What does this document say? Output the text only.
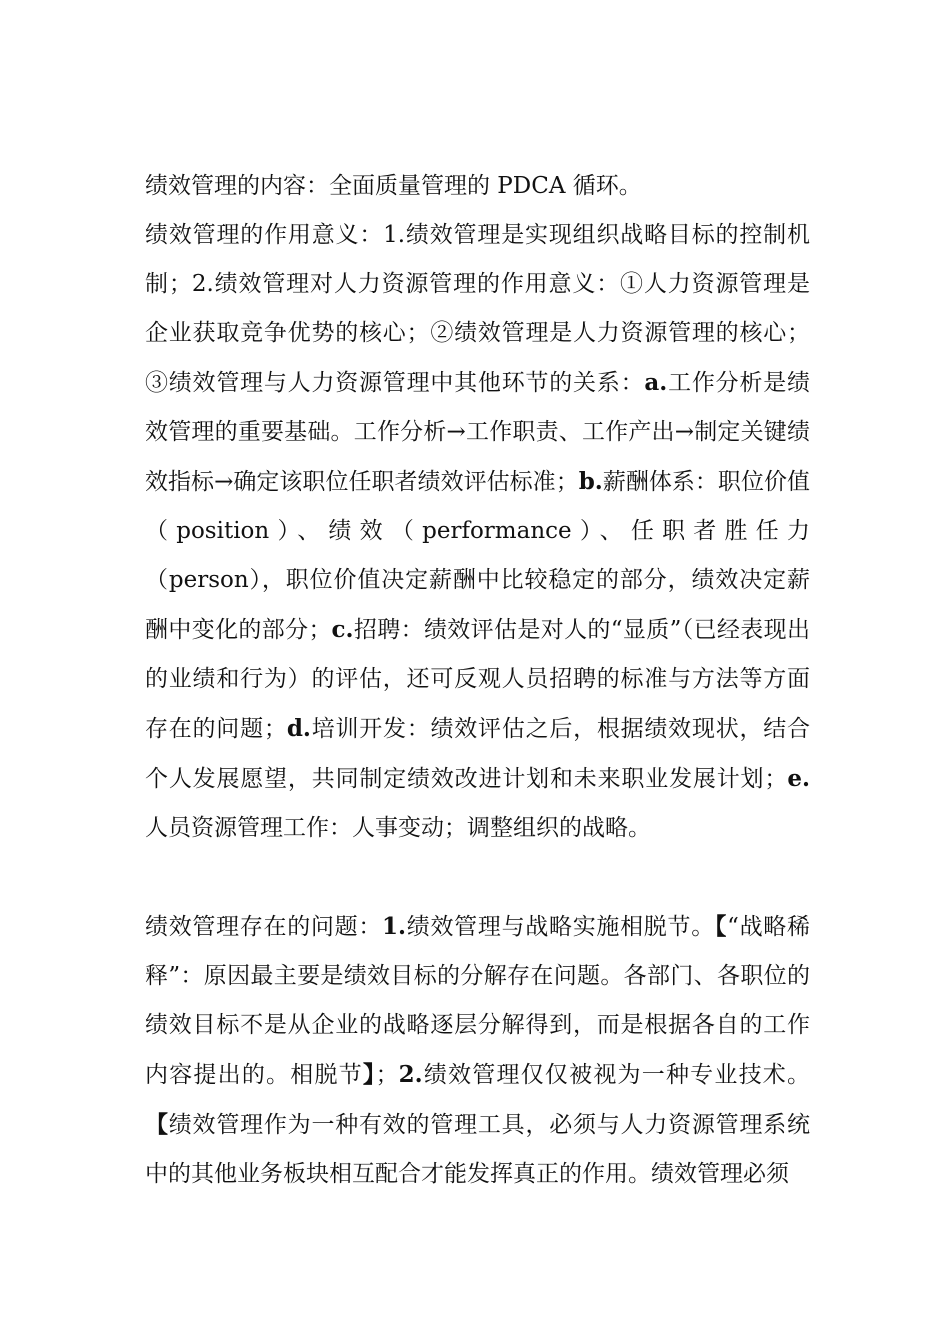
绩效管理的内容：全面质量管理的 PDCA 循环。

绩效管理的作用意义：1.绩效管理是实现组织战略目标的控制机制；2.绩效管理对人力资源管理的作用意义：①人力资源管理是企业获取竞争优势的核心；②绩效管理是人力资源管理的核心；③绩效管理与人力资源管理中其他环节的关系：a.工作分析是绩效管理的重要基础。工作分析→工作职责、工作产出→制定关键绩效指标→确定该职位任职者绩效评估标准；b.薪酬体系：职位价值（position）、绩效（performance）、任职者胜任力（person），职位价值决定薪酬中比较稳定的部分，绩效决定薪酬中变化的部分；c.招聘：绩效评估是对人的“显质”（已经表现出的业绩和行为）的评估，还可反观人员招聘的标准与方法等方面存在的问题；d.培训开发：绩效评估之后，根据绩效现状，结合个人发展愿望，共同制定绩效改进计划和未来职业发展计划；e.人员资源管理工作：人事变动；调整组织的战略。

绩效管理存在的问题：1.绩效管理与战略实施相脱节。【“战略稀释”：原因最主要是绩效目标的分解存在问题。各部门、各职位的绩效目标不是从企业的战略逐层分解得到，而是根据各自的工作内容提出的。相脱节】；2.绩效管理仅仅被视为一种专业技术。【绩效管理作为一种有效的管理工具，必须与人力资源管理系统中的其他业务板块相互配合才能发挥真正的作用。绩效管理必须
